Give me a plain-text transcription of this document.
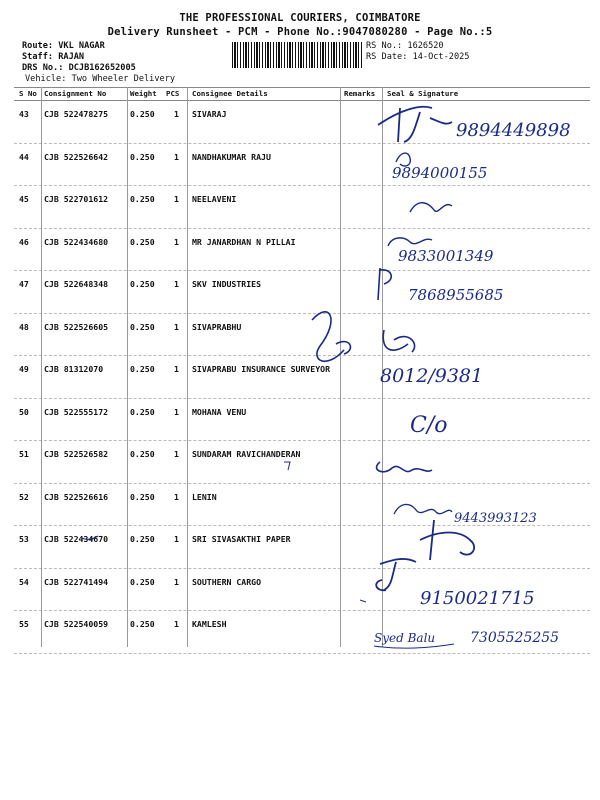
THE PROFESSIONAL COURIERS, COIMBATORE
Delivery Runsheet - PCM - Phone No.:9047080280 - Page No.:5
Route: VKL NAGAR
Staff: RAJAN
DRS No.: DCJB162652005
Vehicle: Two Wheeler Delivery
RS No.: 1626520
RS Date: 14-Oct-2025
S No Consignment No	Weight PCS Consignee Details	Remarks Seal & Signature
43 CJB 522478275	0.250 1 SIVARAJ
44 CJB 522526642	0.250 1 NANDHAKUMAR RAJU
45 CJB 522701612	0.250 1 NEELAVENI
46 CJB 522434680	0.250 1 MR JANARDHAN N PILLAI
47 CJB 522648348	0.250 1 SKV INDUSTRIES
48 CJB 522526605	0.250 1 SIVAPRABHU
49 CJB 81312070	0.250 1 SIVAPRABU INSURANCE SURVEYOR
50 CJB 522555172	0.250 1 MOHANA VENU
51 CJB 522526582	0.250 1 SUNDARAM RAVICHANDERAN
52 CJB 522526616	0.250 1 LENIN
53 CJB 522434670	0.250 1 SRI SIVASAKTHI PAPER
54 CJB 522741494	0.250 1 SOUTHERN CARGO
55 CJB 522540059	0.250 1 KAMLESH
9894449898
9894000155
9833001349
7868955685
8012/9381
C/o
9443993123
9150021715
Syed Balu 7305525255
